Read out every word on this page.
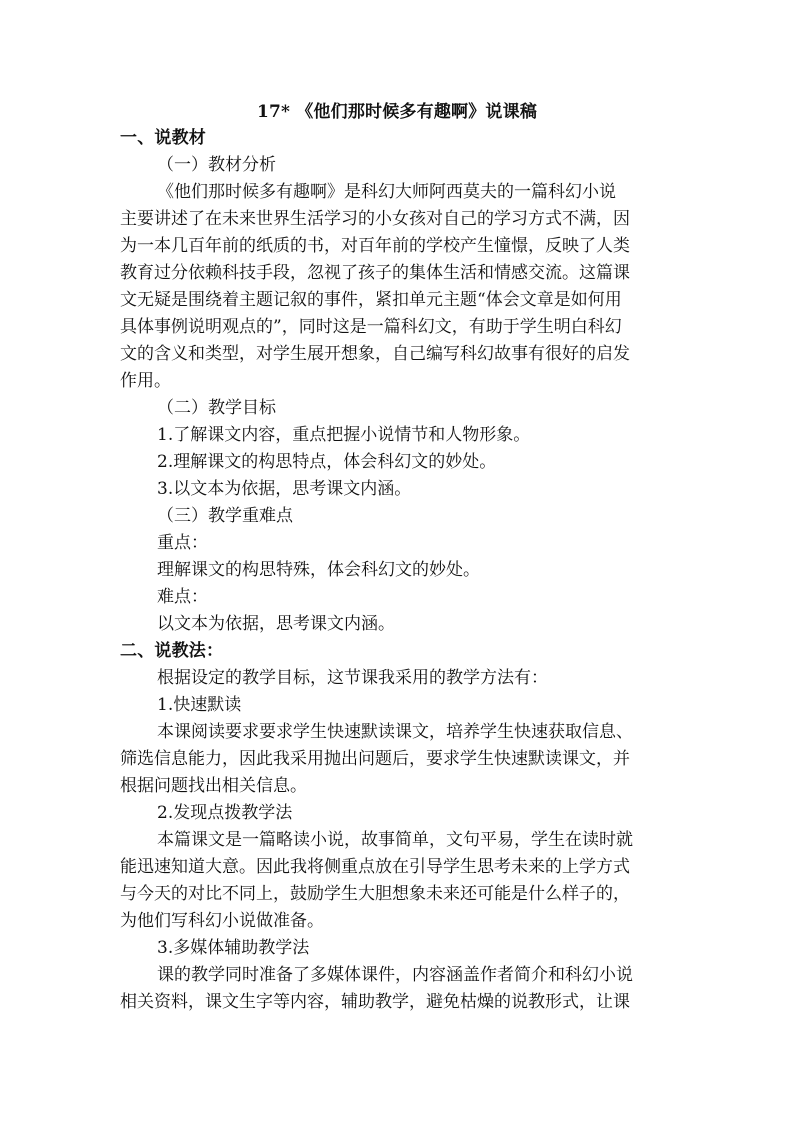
17* 《他们那时候多有趣啊》说课稿
一、说教材
（一）教材分析
《他们那时候多有趣啊》是科幻大师阿西莫夫的一篇科幻小说
主要讲述了在未来世界生活学习的小女孩对自己的学习方式不满，因
为一本几百年前的纸质的书，对百年前的学校产生憧憬，反映了人类
教育过分依赖科技手段，忽视了孩子的集体生活和情感交流。这篇课
文无疑是围绕着主题记叙的事件，紧扣单元主题“体会文章是如何用
具体事例说明观点的”，同时这是一篇科幻文，有助于学生明白科幻
文的含义和类型，对学生展开想象，自己编写科幻故事有很好的启发
作用。
（二）教学目标
1.了解课文内容，重点把握小说情节和人物形象。
2.理解课文的构思特点，体会科幻文的妙处。
3.以文本为依据，思考课文内涵。
（三）教学重难点
重点：
理解课文的构思特殊，体会科幻文的妙处。
难点：
以文本为依据，思考课文内涵。
二、说教法：
根据设定的教学目标，这节课我采用的教学方法有：
1.快速默读
本课阅读要求要求学生快速默读课文，培养学生快速获取信息、
筛选信息能力，因此我采用抛出问题后，要求学生快速默读课文，并
根据问题找出相关信息。
2.发现点拨教学法
本篇课文是一篇略读小说，故事简单，文句平易，学生在读时就
能迅速知道大意。因此我将侧重点放在引导学生思考未来的上学方式
与今天的对比不同上，鼓励学生大胆想象未来还可能是什么样子的，
为他们写科幻小说做准备。
3.多媒体辅助教学法
课的教学同时准备了多媒体课件，内容涵盖作者简介和科幻小说
相关资料，课文生字等内容，辅助教学，避免枯燥的说教形式，让课
